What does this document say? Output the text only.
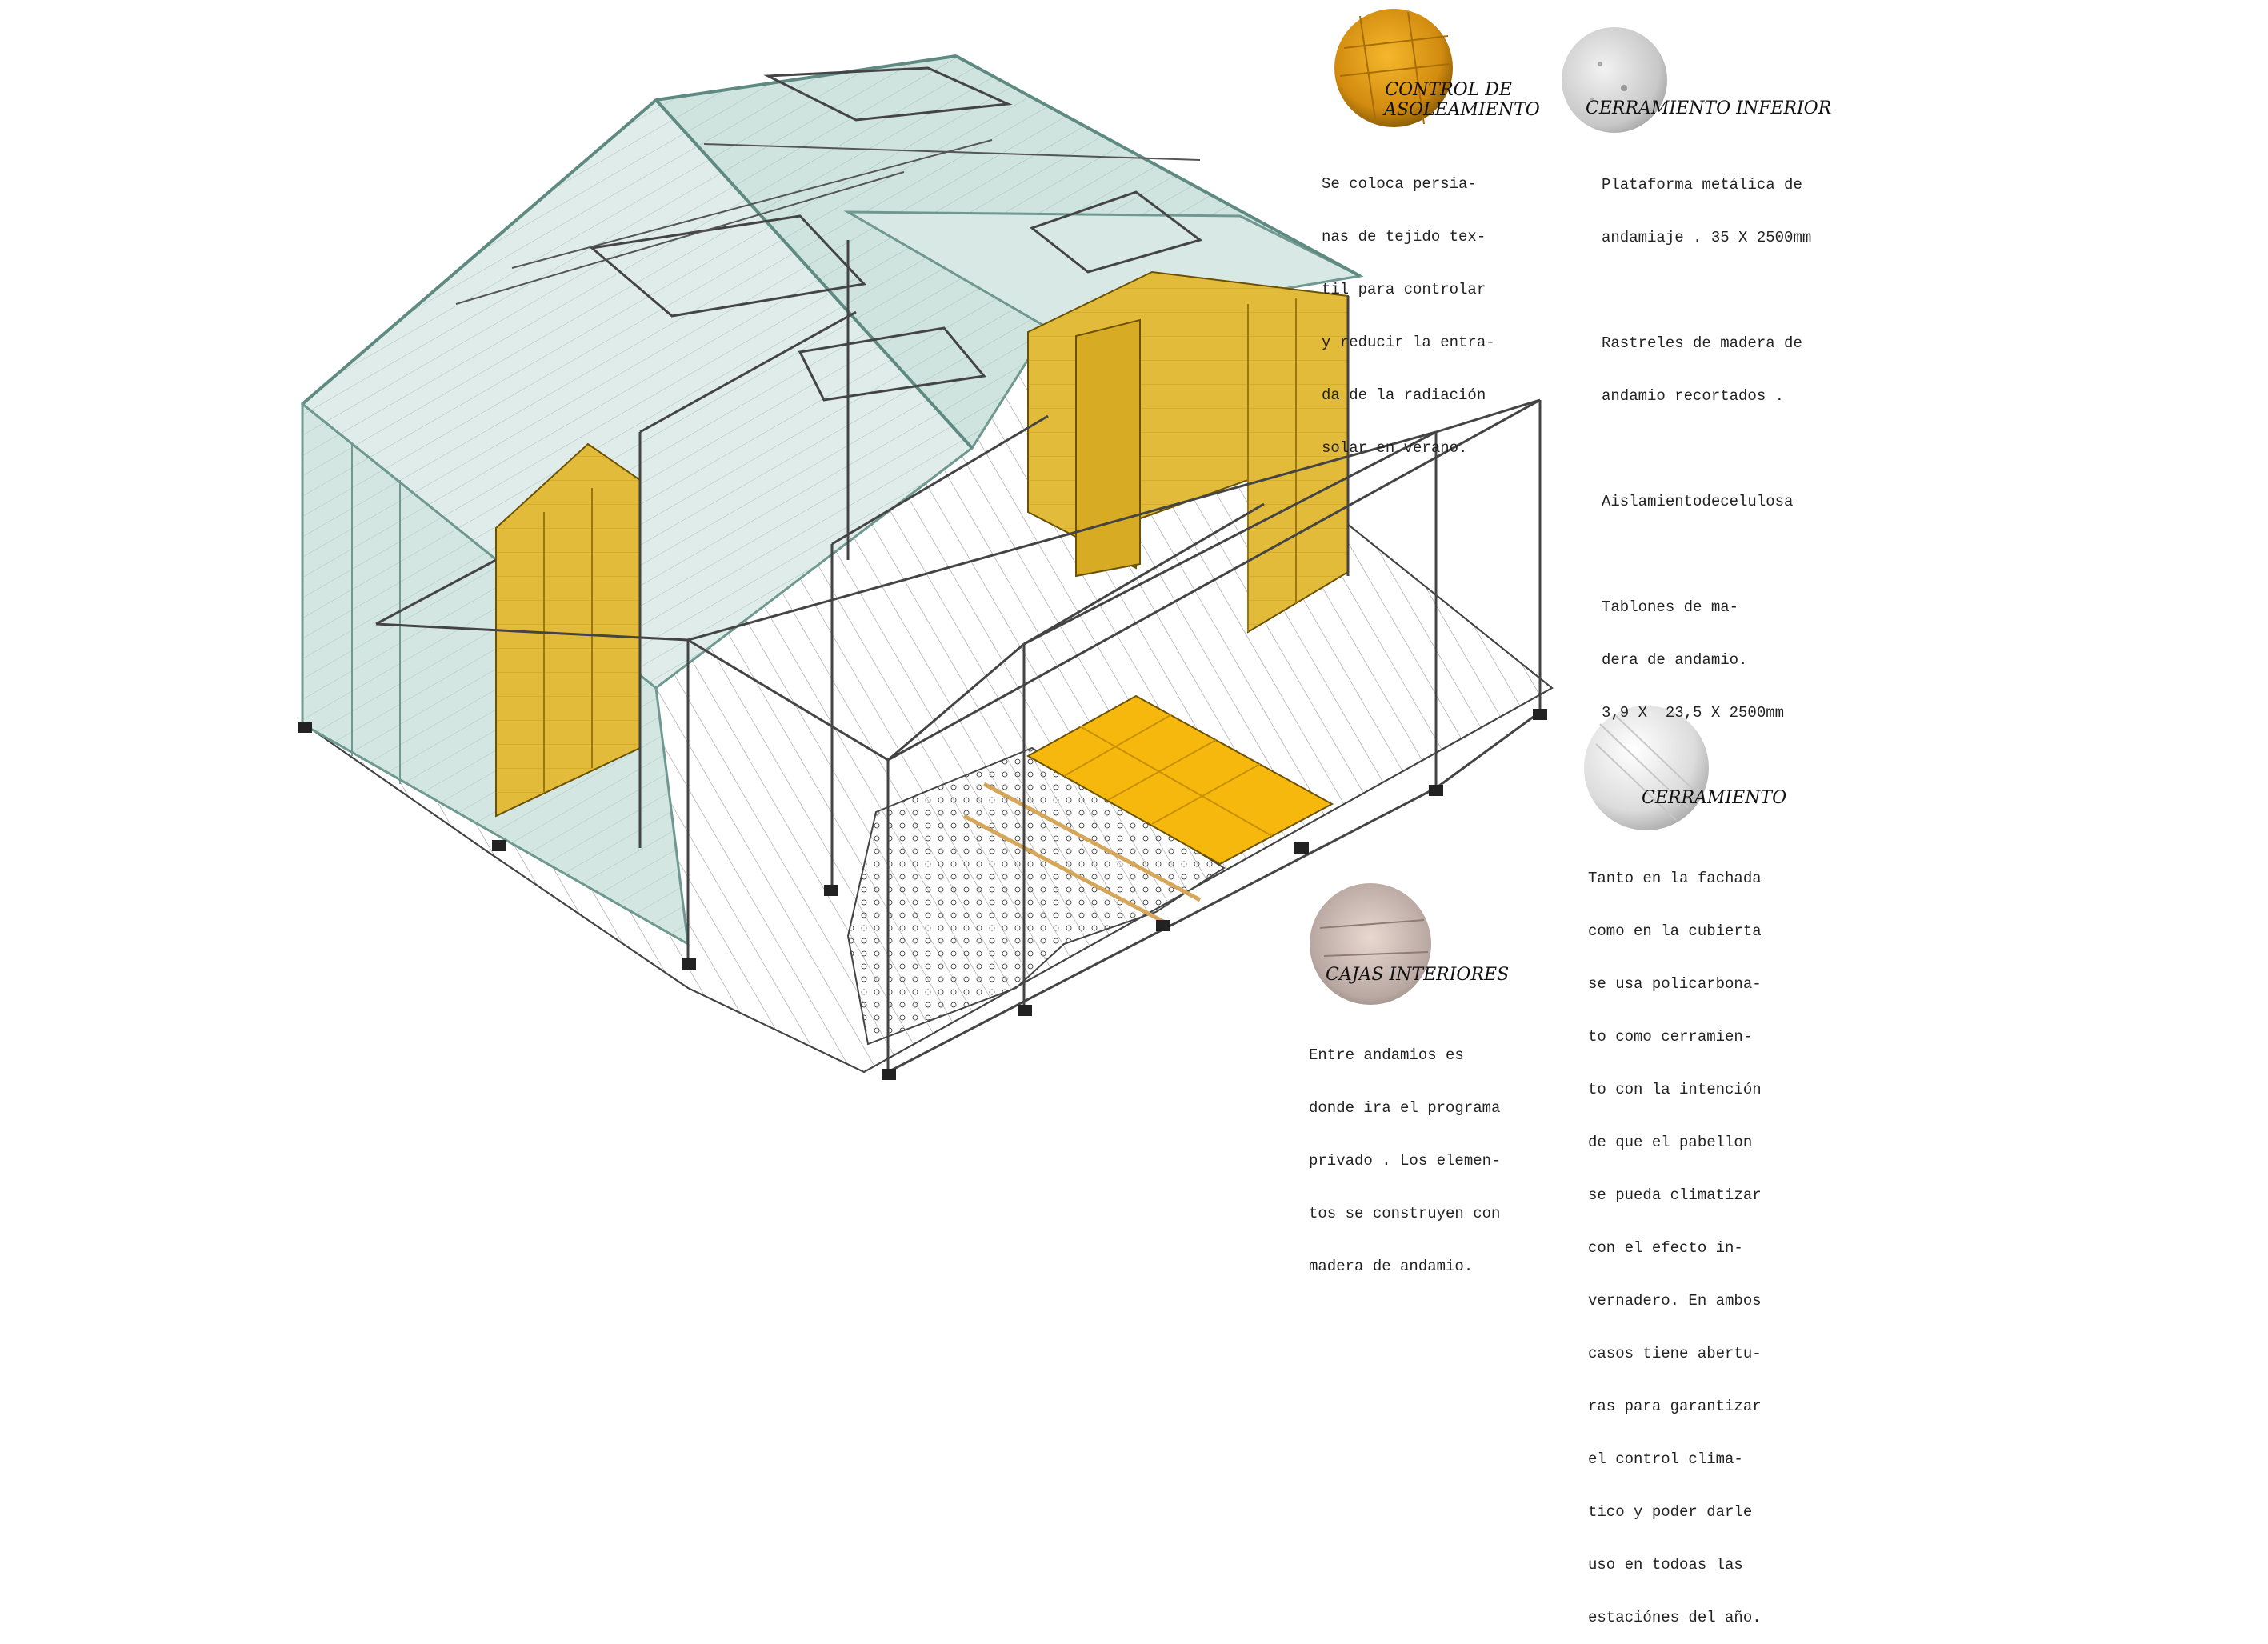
CONTROL DE
ASOLEAMIENTO

Se coloca persia-

nas de tejido tex-

til para controlar

y reducir la entra-

da de la radiación

solar en verano.

CERRAMIENTO INFERIOR

Plataforma metálica de

andamiaje . 35 X 2500mm

Rastreles de madera de

andamio recortados .

Aislamientodecelulosa

Tablones de ma-

dera de andamio.

3,9 X  23,5 X 2500mm

CERRAMIENTO

Tanto en la fachada

como en la cubierta

se usa policarbona-

to como cerramien-

to con la intención

de que el pabellon

se pueda climatizar

con el efecto in-

vernadero. En ambos

casos tiene abertu-

ras para garantizar

el control clima-

tico y poder darle

uso en todoas las

estaciónes del año.

CAJAS INTERIORES

Entre andamios es

donde ira el programa

privado . Los elemen-

tos se construyen con

madera de andamio.
